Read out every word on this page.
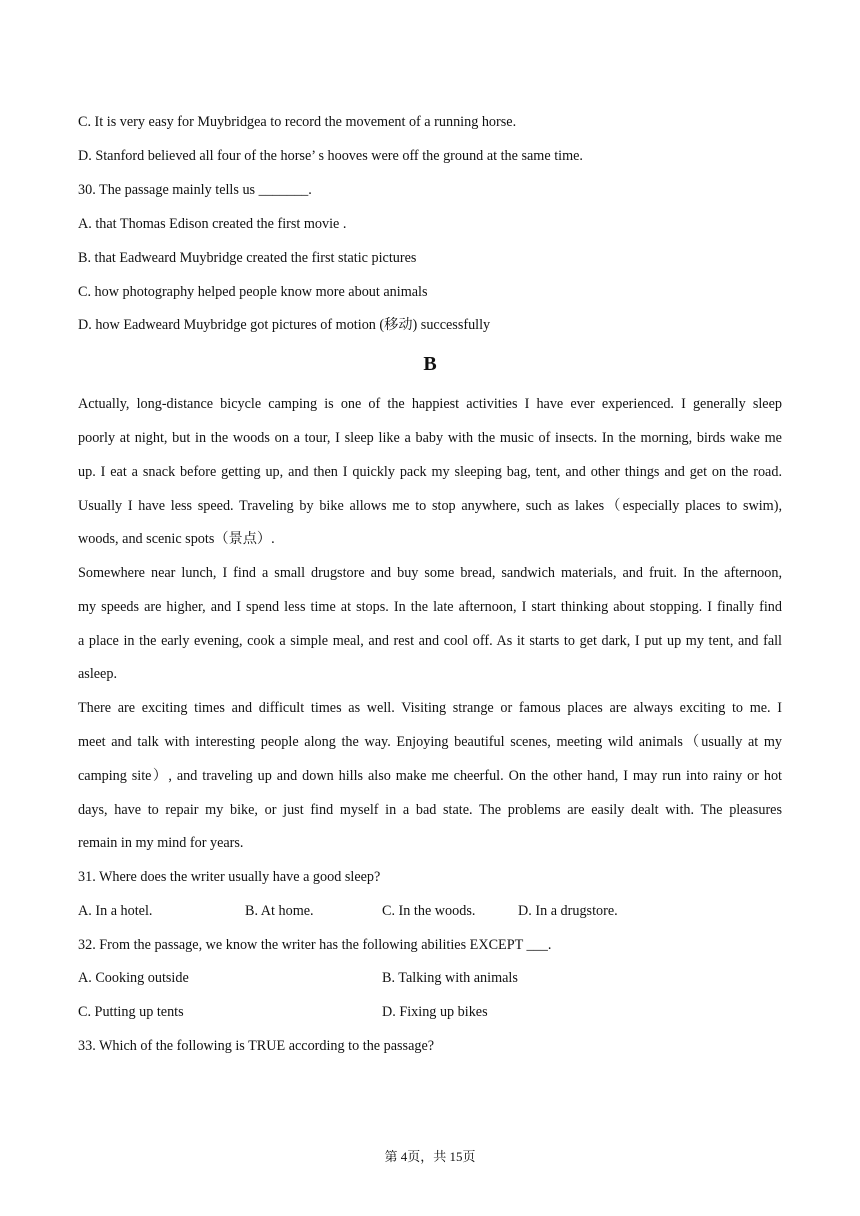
C. It is very easy for Muybridgea to record the movement of a running horse.
D. Stanford believed all four of the horse’ s hooves were off the ground at the same time.
30. The passage mainly tells us _______.
A. that Thomas Edison created the first movie .
B. that Eadweard Muybridge created the first static pictures
C. how photography helped people know more about animals
D. how Eadweard Muybridge got pictures of motion (移动) successfully
B
Actually, long-distance bicycle camping is one of the happiest activities I have ever experienced. I generally sleep
poorly at night, but in the woods on a tour, I sleep like a baby with the music of insects. In the morning, birds wake me
up. I eat a snack before getting up, and then I quickly pack my sleeping bag, tent, and other things and get on the road.
Usually I have less speed. Traveling by bike allows me to stop anywhere, such as lakes（especially places to swim),
woods, and scenic spots（景点）.
Somewhere near lunch, I find a small drugstore and buy some bread, sandwich materials, and fruit. In the afternoon,
my speeds are higher, and I spend less time at stops. In the late afternoon, I start thinking about stopping. I finally find
a place in the early evening, cook a simple meal, and rest and cool off. As it starts to get dark, I put up my tent, and fall
asleep.
There are exciting times and difficult times as well. Visiting strange or famous places are always exciting to me. I
meet and talk with interesting people along the way. Enjoying beautiful scenes, meeting wild animals（usually at my
camping site）, and traveling up and down hills also make me cheerful. On the other hand, I may run into rainy or hot
days, have to repair my bike, or just find myself in a bad state. The problems are easily dealt with. The pleasures
remain in my mind for years.
31. Where does the writer usually have a good sleep?
A. In a hotel.	B. At home.	C. In the woods.	D. In a drugstore.
32. From the passage, we know the writer has the following abilities EXCEPT ___.
A. Cooking outside	B. Talking with animals
C. Putting up tents	D. Fixing up bikes
33. Which of the following is TRUE according to the passage?
第 4页，共 15页
